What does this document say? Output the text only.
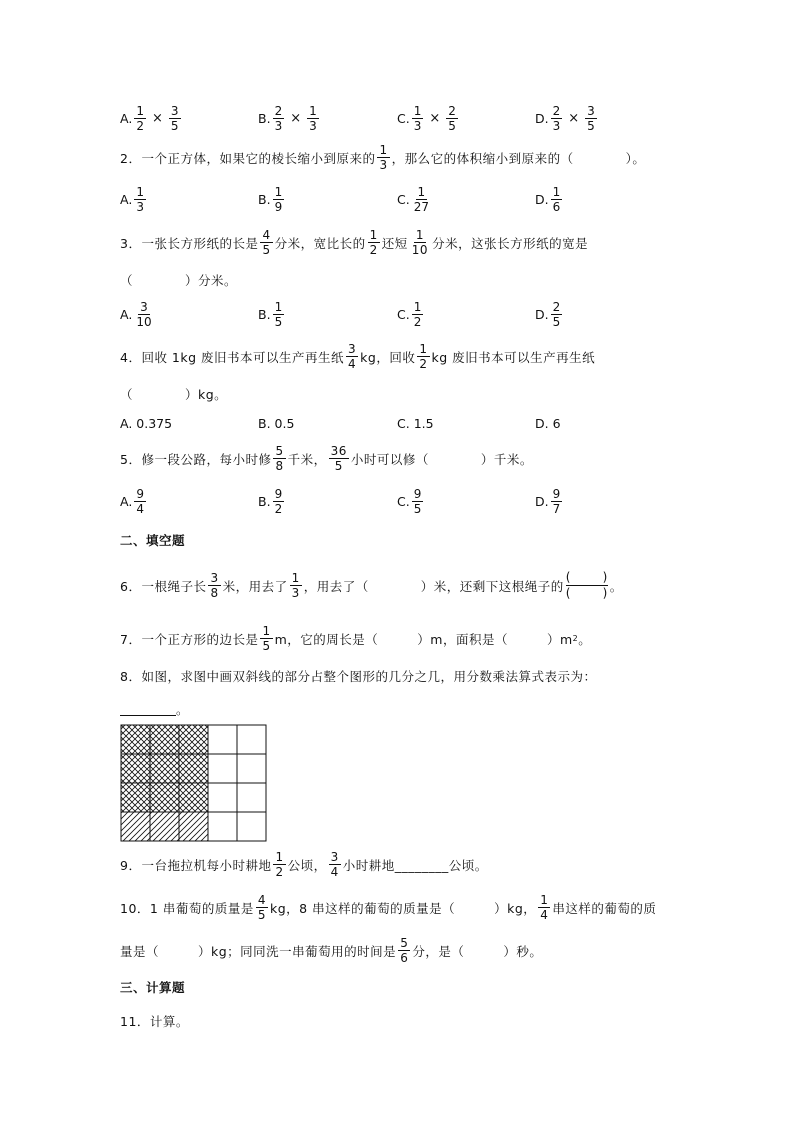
A. $\frac{1}{2} \times \frac{3}{5}$	B. $\frac{2}{3} \times \frac{1}{3}$	C. $\frac{1}{3} \times \frac{2}{5}$	D. $\frac{2}{3} \times \frac{3}{5}$
2．一个正方体，如果它的棱长缩小到原来的 $\frac{1}{3}$ ，那么它的体积缩小到原来的（　　　　）。
A. $\frac{1}{3}$	B. $\frac{1}{9}$	C. $\frac{1}{27}$	D. $\frac{1}{6}$
3．一张长方形纸的长是 $\frac{4}{5}$ 分米，宽比长的 $\frac{1}{2}$ 还短 $\frac{1}{10}$ 分米，这张长方形纸的宽是
（　　　　）分米。
A. $\frac{3}{10}$	B. $\frac{1}{5}$	C. $\frac{1}{2}$	D. $\frac{2}{5}$
4．回收 1kg 废旧书本可以生产再生纸 $\frac{3}{4}$ kg，回收 $\frac{1}{2}$ kg 废旧书本可以生产再生纸
（　　　　）kg。
A.
0.375	B.
0.5	C.
1.5	D.
6
5．修一段公路，每小时修 $\frac{5}{8}$ 千米， $\frac{36}{5}$ 小时可以修（　　　　）千米。
A. $\frac{9}{4}$	B. $\frac{9}{2}$	C. $\frac{9}{5}$	D. $\frac{9}{7}$
二、填空题
6．一根绳子长 $\frac{3}{8}$ 米，用去了 $\frac{1}{3}$ ，用去了（　　　　）米，还剩下这根绳子的 (	)
(	) 。
7．一个正方形的边长是 $\frac{1}{5}$ m，它的周长是（　　　）m，面积是（　　　）m 2 。
8．如图，求图中画双斜线的部分占整个图形的几分之几，用分数乘法算式表示为：
。
9．一台拖拉机每小时耕地 $\frac{1}{2}$ 公顷， $\frac{3}{4}$ 小时耕地________公顷。
10．1 串葡萄的质量是 $\frac{4}{5}$ kg，8 串这样的葡萄的质量是（　　　）kg， $\frac{1}{4}$ 串这样的葡萄的质
量是（　　　）kg；同同洗一串葡萄用的时间是 $\frac{5}{6}$ 分，是（　　　）秒。
三、计算题
11．计算。
